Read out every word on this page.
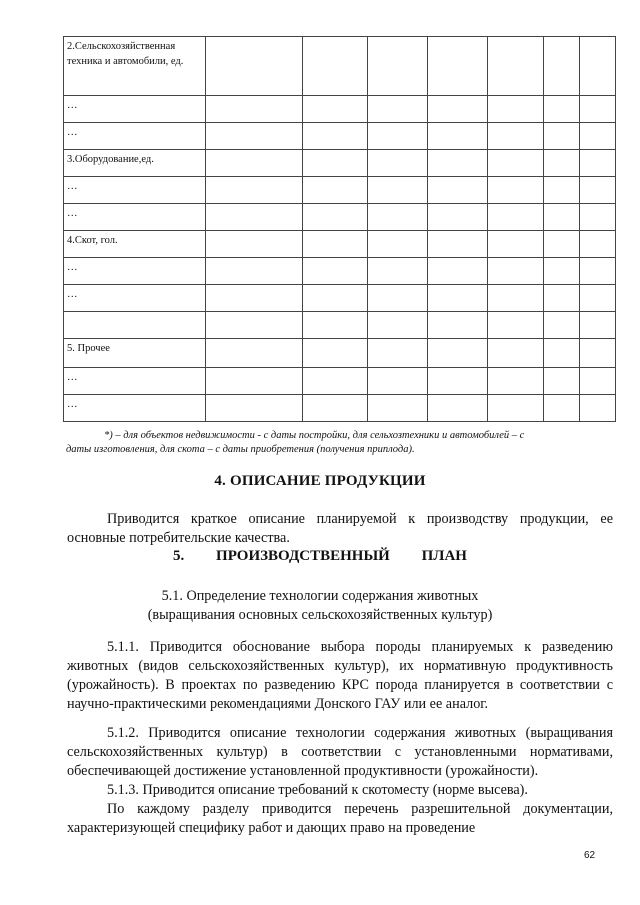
2.Сельскохозяйственная техника и автомобили, ед.							
…							
…							
3.Оборудование,ед.							
…							
…							
4.Скот, гол.							
…							
…							

5. Прочее							
…							
…							
*) – для объектов недвижимости - с даты постройки, для сельхозтехники и автомобилей – с
даты изготовления, для скота – с даты приобретения (получения приплода).
4. ОПИСАНИЕ ПРОДУКЦИИ
Приводится краткое описание планируемой к производству продукции, ее основные потребительские качества.
5. ПРОИЗВОДСТВЕННЫЙ ПЛАН
5.1. Определение технологии содержания животных
(выращивания основных сельскохозяйственных культур)
5.1.1. Приводится обоснование выбора породы планируемых к разведению животных (видов сельскохозяйственных культур), их нормативную продуктивность (урожайность). В проектах по разведению КРС порода планируется в соответствии с научно-практическими рекомендациями Донского ГАУ или ее аналог.
5.1.2. Приводится описание технологии содержания животных (выращивания сельскохозяйственных культур) в соответствии с установленными нормативами, обеспечивающей достижение установленной продуктивности (урожайности).
5.1.3. Приводится описание требований к скотоместу (норме высева).
По каждому разделу приводится перечень разрешительной документации, характеризующей специфику работ и дающих право на проведение
62
